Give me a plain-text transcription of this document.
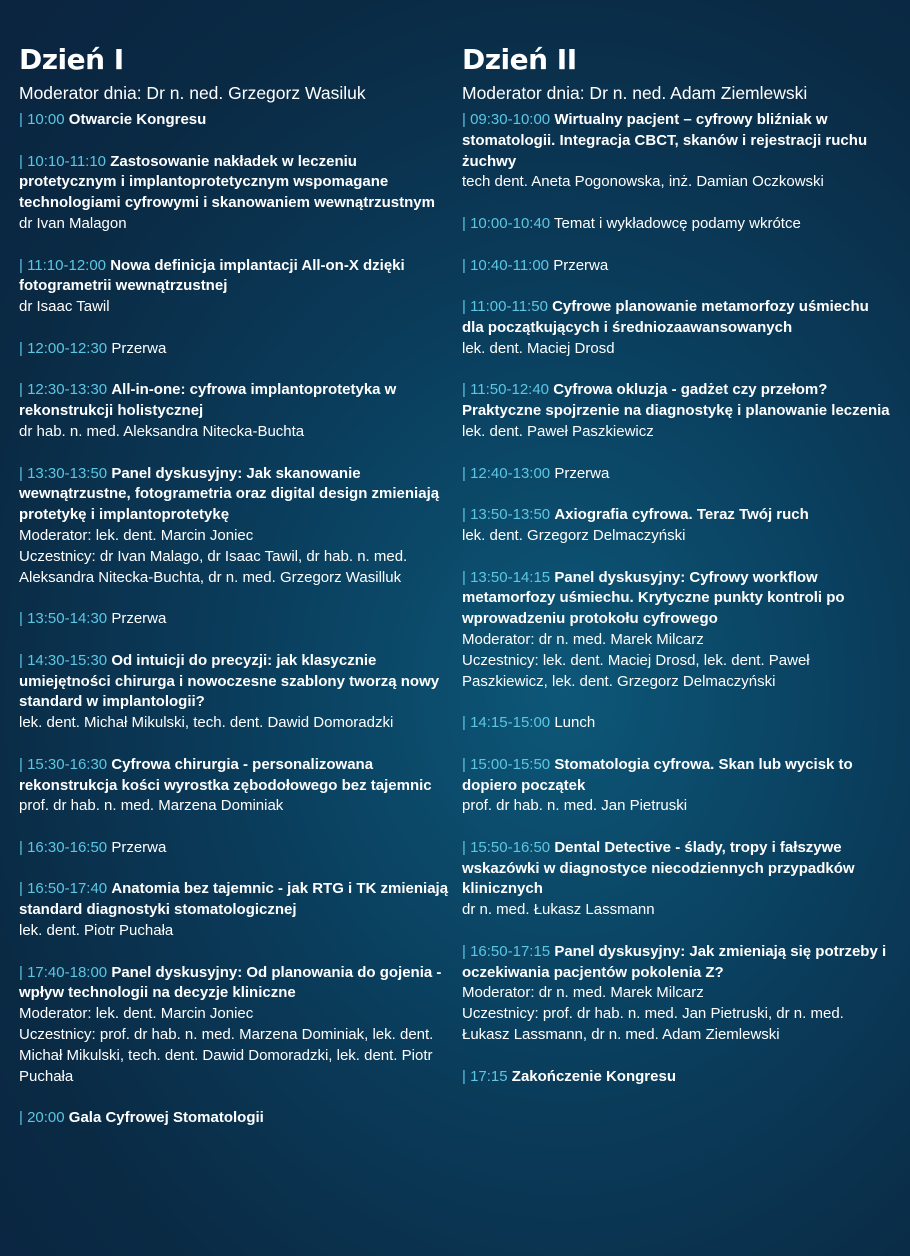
Dzień I
Moderator dnia: Dr n. ned. Grzegorz Wasiluk
| 10:00 Otwarcie Kongresu
| 10:10-11:10 Zastosowanie nakładek w leczeniu protetycznym i implantoprotetycznym wspomagane technologiami cyfrowymi i skanowaniem wewnątrzustnym
dr Ivan Malagon
| 11:10-12:00 Nowa definicja implantacji All-on-X dzięki fotogrametrii wewnątrzustnej
dr Isaac Tawil
| 12:00-12:30 Przerwa
| 12:30-13:30 All-in-one: cyfrowa implantoprotetyka w rekonstrukcji holistycznej
dr hab. n. med. Aleksandra Nitecka-Buchta
| 13:30-13:50 Panel dyskusyjny: Jak skanowanie wewnątrzustne, fotogrametria oraz digital design zmieniają protetykę i implantoprotetykę
Moderator: lek. dent. Marcin Joniec
Uczestnicy: dr Ivan Malago, dr Isaac Tawil, dr hab. n. med. Aleksandra Nitecka-Buchta, dr n. med. Grzegorz Wasilluk
| 13:50-14:30 Przerwa
| 14:30-15:30 Od intuicji do precyzji: jak klasycznie umiejętności chirurga i nowoczesne szablony tworzą nowy standard w implantologii?
lek. dent. Michał Mikulski, tech. dent. Dawid Domoradzki
| 15:30-16:30 Cyfrowa chirurgia - personalizowana rekonstrukcja kości wyrostka zębodołowego bez tajemnic
prof. dr hab. n. med. Marzena Dominiak
| 16:30-16:50 Przerwa
| 16:50-17:40 Anatomia bez tajemnic - jak RTG i TK zmieniają standard diagnostyki stomatologicznej
lek. dent. Piotr Puchała
| 17:40-18:00 Panel dyskusyjny: Od planowania do gojenia - wpływ technologii na decyzje kliniczne
Moderator: lek. dent. Marcin Joniec
Uczestnicy: prof. dr hab. n. med. Marzena Dominiak, lek. dent. Michał Mikulski, tech. dent. Dawid Domoradzki, lek. dent. Piotr Puchała
| 20:00 Gala Cyfrowej Stomatologii
Dzień II
Moderator dnia: Dr n. ned. Adam Ziemlewski
| 09:30-10:00 Wirtualny pacjent – cyfrowy bliźniak w stomatologii. Integracja CBCT, skanów i rejestracji ruchu żuchwy
tech dent. Aneta Pogonowska, inż. Damian Oczkowski
| 10:00-10:40 Temat i wykładowcę podamy wkrótce
| 10:40-11:00 Przerwa
| 11:00-11:50 Cyfrowe planowanie metamorfozy uśmiechu dla początkujących i średniozaawansowanych
lek. dent. Maciej Drosd
| 11:50-12:40 Cyfrowa okluzja - gadżet czy przełom? Praktyczne spojrzenie na diagnostykę i planowanie leczenia
lek. dent. Paweł Paszkiewicz
| 12:40-13:00 Przerwa
| 13:50-13:50 Axiografia cyfrowa. Teraz Twój ruch
lek. dent. Grzegorz Delmaczyński
| 13:50-14:15 Panel dyskusyjny: Cyfrowy workflow metamorfozy uśmiechu. Krytyczne punkty kontroli po wprowadzeniu protokołu cyfrowego
Moderator: dr n. med. Marek Milcarz
Uczestnicy: lek. dent. Maciej Drosd, lek. dent. Paweł Paszkiewicz, lek. dent. Grzegorz Delmaczyński
| 14:15-15:00 Lunch
| 15:00-15:50 Stomatologia cyfrowa. Skan lub wycisk to dopiero początek
prof. dr hab. n. med. Jan Pietruski
| 15:50-16:50 Dental Detective - ślady, tropy i fałszywe wskazówki w diagnostyce niecodziennych przypadków klinicznych
dr n. med. Łukasz Lassmann
| 16:50-17:15 Panel dyskusyjny: Jak zmieniają się potrzeby i oczekiwania pacjentów pokolenia Z?
Moderator: dr n. med. Marek Milcarz
Uczestnicy: prof. dr hab. n. med. Jan Pietruski, dr n. med. Łukasz Lassmann, dr n. med. Adam Ziemlewski
| 17:15 Zakończenie Kongresu
